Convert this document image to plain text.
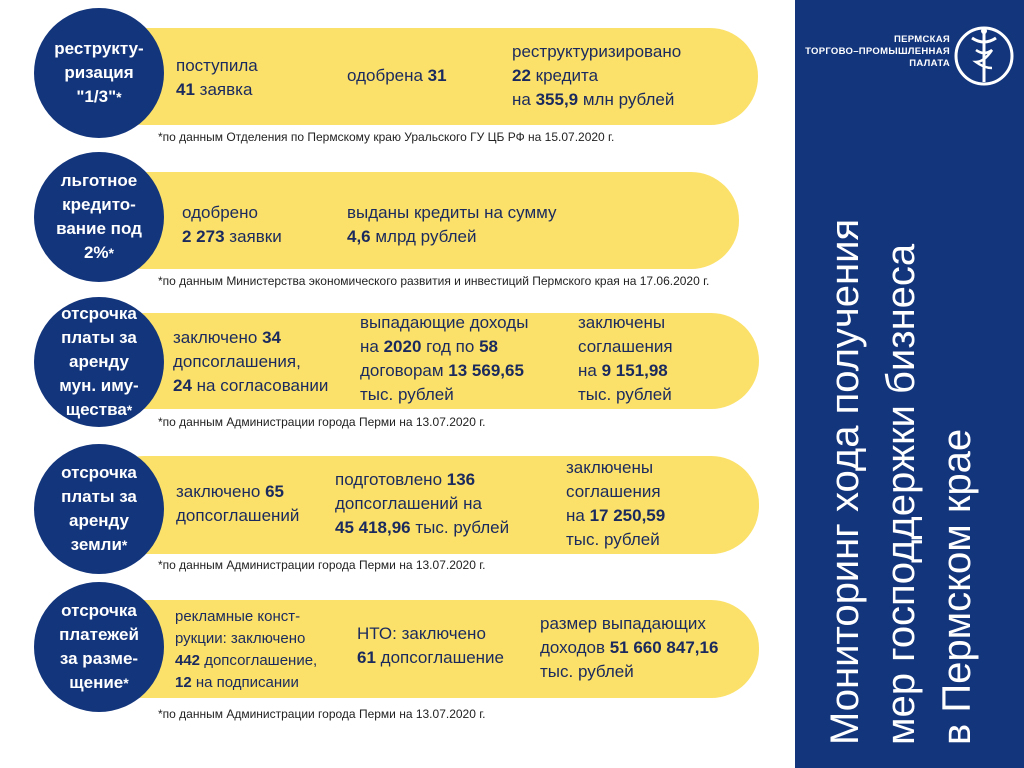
реструкту-
ризация
"1/3"*
поступила
41 заявка
одобрена 31
реструктуризировано
22 кредита
на 355,9 млн рублей
*по данным Отделения по Пермскому краю Уральского ГУ ЦБ РФ на 15.07.2020 г.
льготное
кредито-
вание под
2%*
одобрено
2 273 заявки
выданы кредиты на сумму
4,6 млрд рублей
*по данным Министерства экономического развития и инвестиций Пермского края на 17.06.2020 г.
отсрочка
платы за
аренду
мун. иму-
щества*
заключено 34
допсоглашения,
24 на согласовании
выпадающие доходы
на 2020 год по 58
договорам 13 569,65
тыс. рублей
заключены
соглашения
на 9 151,98
тыс. рублей
*по данным Администрации города Перми на 13.07.2020 г.
отсрочка
платы за
аренду
земли*
заключено 65
допсоглашений
подготовлено 136
допсоглашений на
45 418,96 тыс. рублей
заключены
соглашения
на 17 250,59
тыс. рублей
*по данным Администрации города Перми на 13.07.2020 г.
отсрочка
платежей
за разме-
щение*
рекламные конст-
рукции: заключено
442 допсоглашение,
12 на подписании
НТО: заключено
61 допсоглашение
размер выпадающих
доходов 51 660 847,16
тыс. рублей
*по данным Администрации города Перми на 13.07.2020 г.
ПЕРМСКАЯ
ТОРГОВО–ПРОМЫШЛЕННАЯ
ПАЛАТА
Мониторинг хода получения мер господдержки бизнеса в Пермском крае
